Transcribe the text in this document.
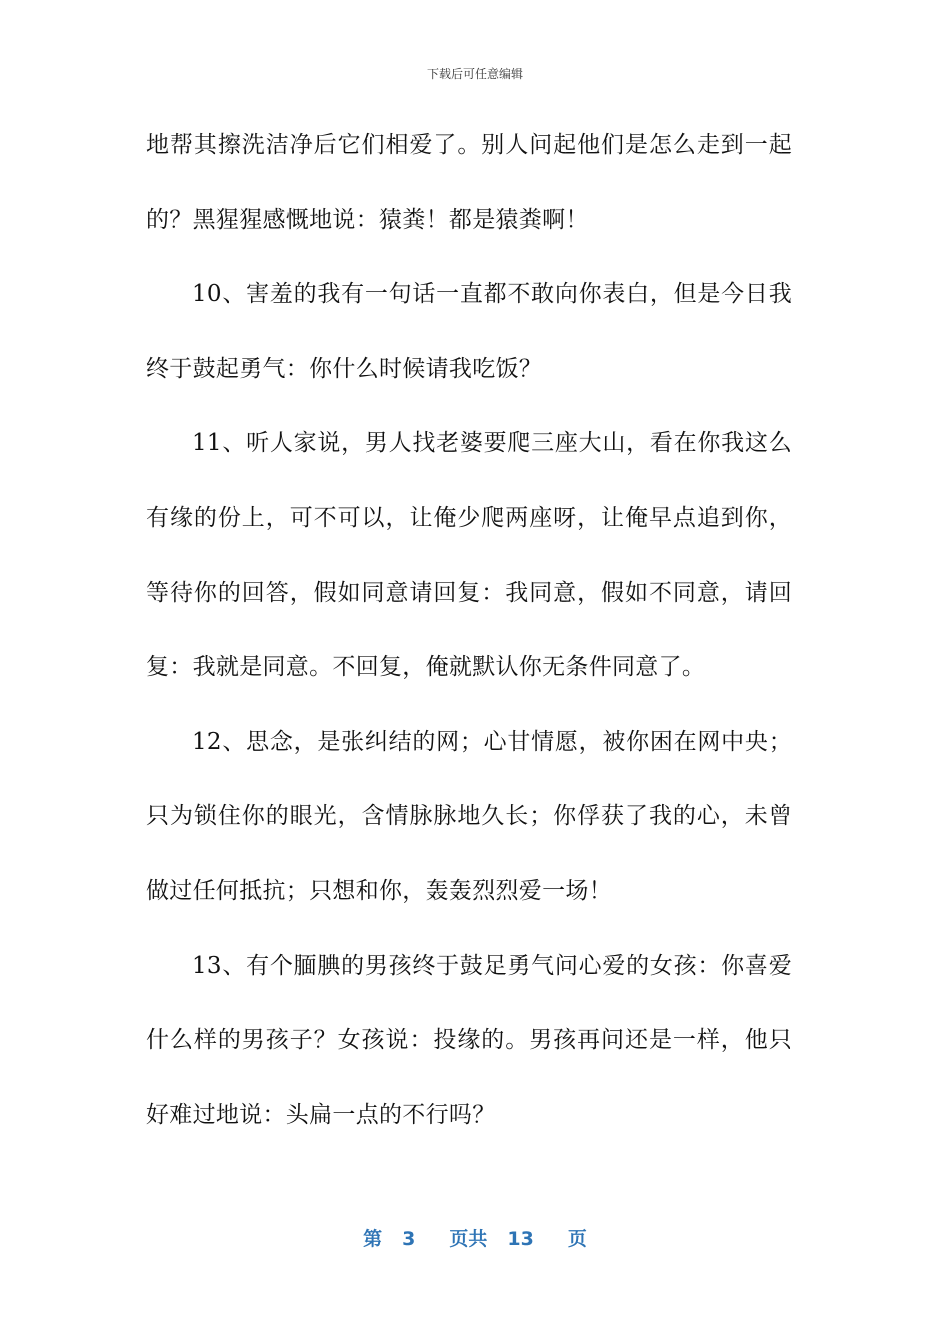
下载后可任意编辑
地帮其擦洗洁净后它们相爱了。别人问起他们是怎么走到一起
的？黑猩猩感慨地说：猿粪！都是猿粪啊！
10、害羞的我有一句话一直都不敢向你表白，但是今日我
终于鼓起勇气：你什么时候请我吃饭？
11、听人家说，男人找老婆要爬三座大山，看在你我这么
有缘的份上，可不可以，让俺少爬两座呀，让俺早点追到你，
等待你的回答，假如同意请回复：我同意，假如不同意，请回
复：我就是同意。不回复，俺就默认你无条件同意了。
12、思念，是张纠结的网；心甘情愿，被你困在网中央；
只为锁住你的眼光，含情脉脉地久长；你俘获了我的心，未曾
做过任何抵抗；只想和你，轰轰烈烈爱一场！
13、有个腼腆的男孩终于鼓足勇气问心爱的女孩：你喜爱
什么样的男孩子？女孩说：投缘的。男孩再问还是一样，他只
好难过地说：头扁一点的不行吗？
第 3 页共 13 页
